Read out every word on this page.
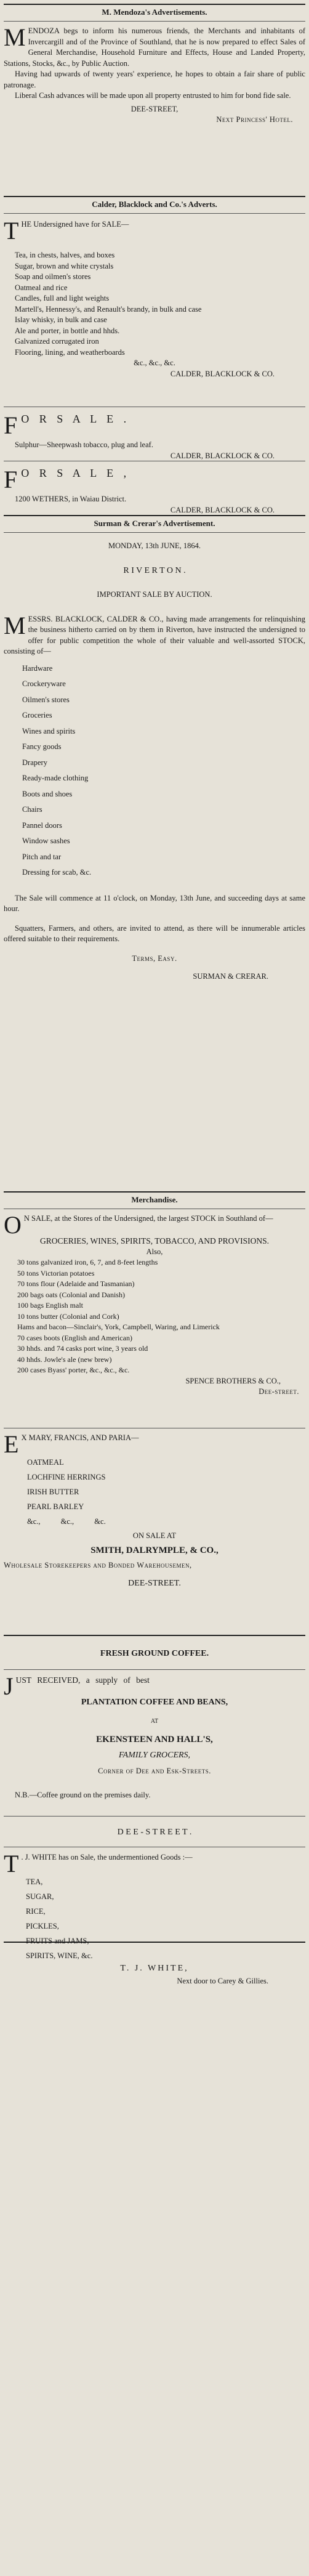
M. Mendoza's Advertisements.

MENDOZA begs to inform his numerous friends, the Merchants and inhabitants of Invercargill and of the Province of Southland, that he is now prepared to effect Sales of General Merchandise, Household Furniture and Effects, House and Landed Property, Stations, Stocks, &c., by Public Auction.

Having had upwards of twenty years' experience, he hopes to obtain a fair share of public patronage.

Liberal Cash advances will be made upon all property entrusted to him for bond fide sale.

DEE-STREET,

Next Princess' Hotel.

Calder, Blacklock and Co.'s Adverts.

THE Undersigned have for SALE—

Tea, in chests, halves, and boxes
Sugar, brown and white crystals
Soap and oilmen's stores
Oatmeal and rice
Candles, full and light weights
Martell's, Hennessy's, and Renault's brandy, in bulk and case
Islay whisky, in bulk and case
Ale and porter, in bottle and hhds.
Galvanized corrugated iron
Flooring, lining, and weatherboards

&c., &c., &c.

CALDER, BLACKLOCK & CO.

F O R S A L E .

Sulphur—Sheepwash tobacco, plug and leaf.

CALDER, BLACKLOCK & CO.

F O R S A L E ,

1200 WETHERS, in Waiau District.

CALDER, BLACKLOCK & CO.

Surman & Crerar's Advertisement.

MONDAY, 13th JUNE, 1864.

R I V E R T O N .

IMPORTANT SALE BY AUCTION.

MESSRS. BLACKLOCK, CALDER & CO., having made arrangements for relinquishing the business hitherto carried on by them in Riverton, have instructed the undersigned to offer for public competition the whole of their valuable and well-assorted STOCK, consisting of—

Hardware
Crockeryware
Oilmen's stores
Groceries
Wines and spirits
Fancy goods
Drapery
Ready-made clothing
Boots and shoes
Chairs
Pannel doors
Window sashes
Pitch and tar
Dressing for scab, &c.

The Sale will commence at 11 o'clock, on Monday, 13th June, and succeeding days at same hour.

Squatters, Farmers, and others, are invited to attend, as there will be innumerable articles offered suitable to their requirements.

Terms, Easy.

SURMAN & CRERAR.

Merchandise.

O N SALE, at the Stores of the Undersigned, the largest STOCK in Southland of—

GROCERIES, WINES, SPIRITS, TOBACCO, AND PROVISIONS.

Also,

30 tons galvanized iron, 6, 7, and 8-feet lengths
50 tons Victorian potatoes
70 tons flour (Adelaide and Tasmanian)
200 bags oats (Colonial and Danish)
100 bags English malt
10 tons butter (Colonial and Cork)
Hams and bacon—Sinclair's, York, Campbell, Waring, and Limerick
70 cases boots (English and American)
30 hhds. and 74 casks port wine, 3 years old
40 hhds. Jowle's ale (new brew)
200 cases Byass' porter, &c., &c., &c.

SPENCE BROTHERS & CO.,

Dee-street.

E X MARY, FRANCIS, AND PARIA—

OATMEAL
LOCHFINE HERRINGS
IRISH BUTTER
PEARL BARLEY

&c., &c., &c.

ON SALE AT

SMITH, DALRYMPLE, & CO.,

Wholesale Storekeepers and Bonded Warehousemen,

DEE-STREET.

FRESH GROUND COFFEE.

JUST RECEIVED, a supply of best

PLANTATION COFFEE AND BEANS,

AT

EKENSTEEN AND HALL'S,

FAMILY GROCERS,

Corner of Dee and Esk-Streets.

N.B.—Coffee ground on the premises daily.

D E E - S T R E E T .

T . J. WHITE has on Sale, the undermentioned Goods :—

TEA,
SUGAR,
RICE,
PICKLES,
FRUITS and JAMS,
SPIRITS, WINE, &c.

T. J. WHITE,

Next door to Carey & Gillies.
